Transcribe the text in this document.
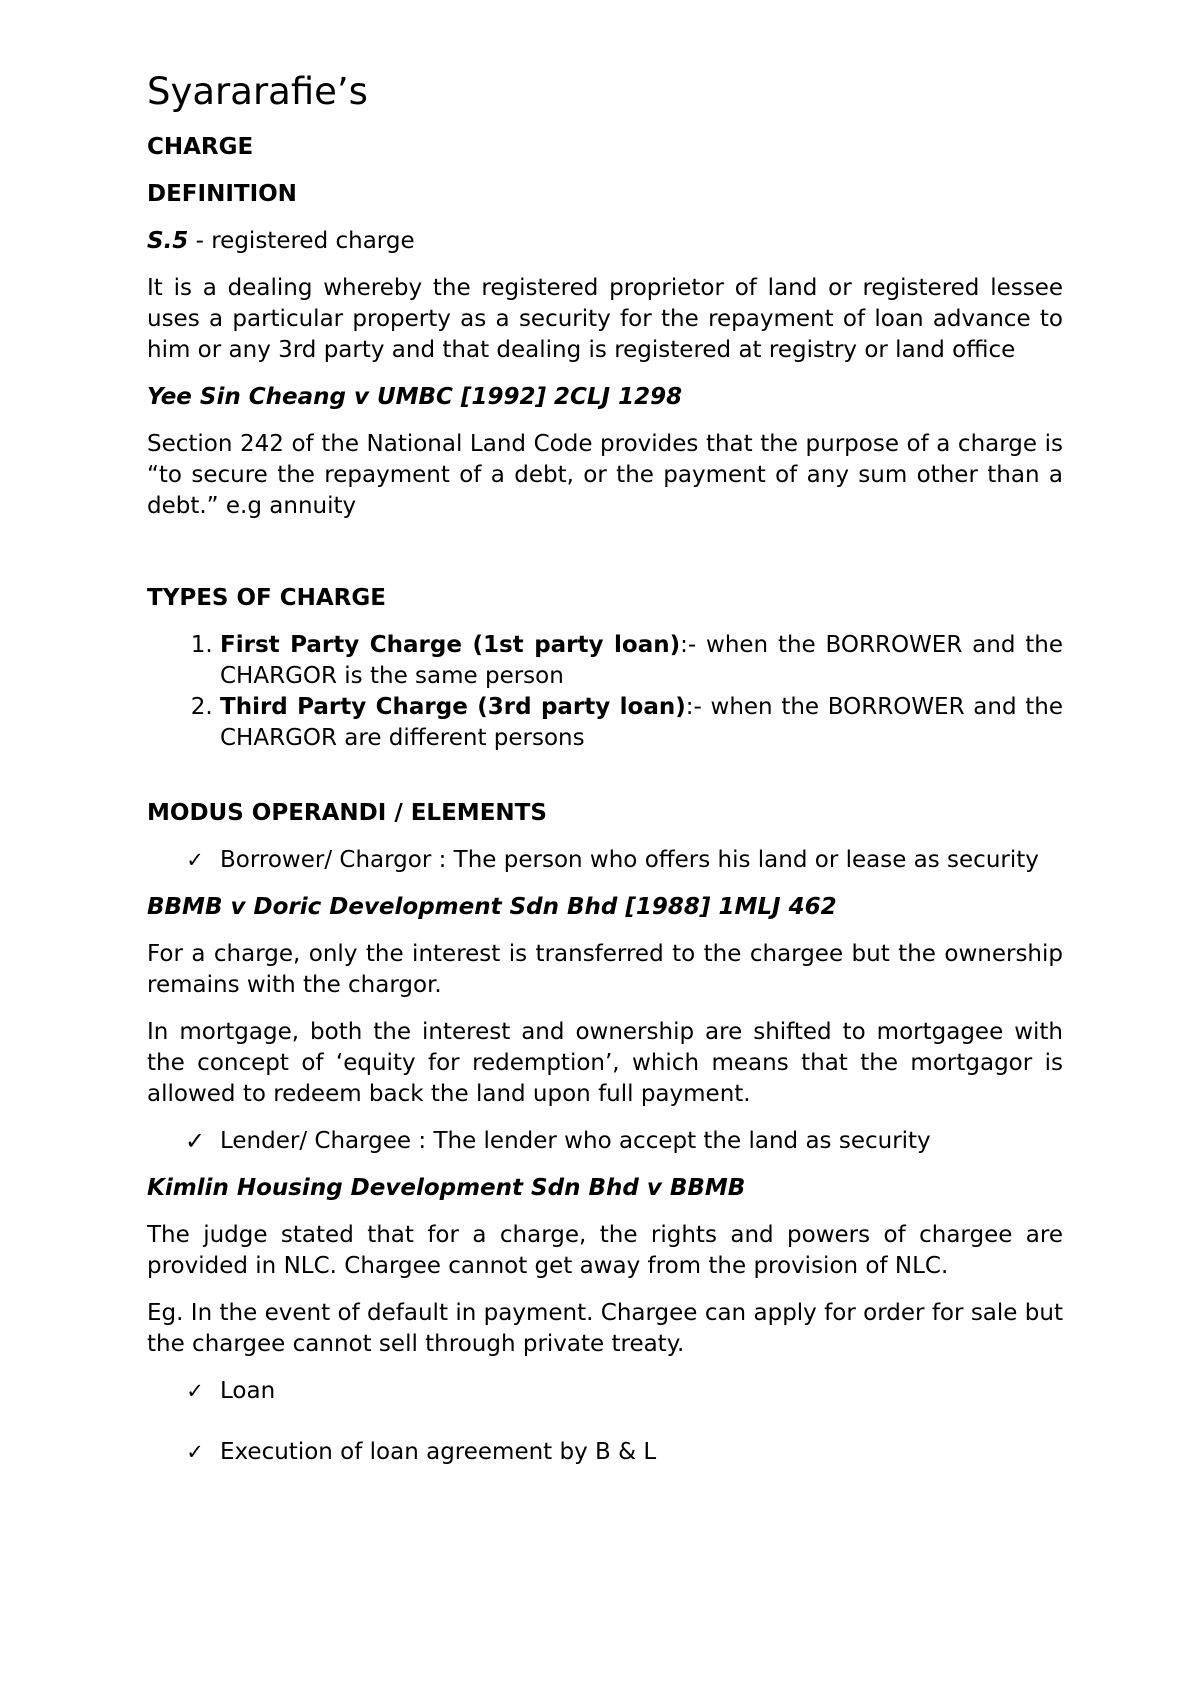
Syararafie’s
CHARGE
DEFINITION

S.5 - registered charge

It is a dealing whereby the registered proprietor of land or registered lessee uses a particular property as a security for the repayment of loan advance to him or any 3rd party and that dealing is registered at registry or land office

Yee Sin Cheang v UMBC [1992] 2CLJ 1298

Section 242 of the National Land Code provides that the purpose of a charge is “to secure the repayment of a debt, or the payment of any sum other than a debt.” e.g annuity

TYPES OF CHARGE
1. First Party Charge (1st party loan):- when the BORROWER and the CHARGOR is the same person
2. Third Party Charge (3rd party loan):- when the BORROWER and the CHARGOR are different persons
MODUS OPERANDI / ELEMENTS
✓ Borrower/ Chargor : The person who offers his land or lease as security
BBMB v Doric Development Sdn Bhd [1988] 1MLJ 462

For a charge, only the interest is transferred to the chargee but the ownership remains with the chargor.

In mortgage, both the interest and ownership are shifted to mortgagee with the concept of ‘equity for redemption’, which means that the mortgagor is allowed to redeem back the land upon full payment.

✓ Lender/ Chargee : The lender who accept the land as security
Kimlin Housing Development Sdn Bhd v BBMB

The judge stated that for a charge, the rights and powers of chargee are provided in NLC. Chargee cannot get away from the provision of NLC.

Eg. In the event of default in payment. Chargee can apply for order for sale but the chargee cannot sell through private treaty.

✓ Loan
✓ Execution of loan agreement by B & L
